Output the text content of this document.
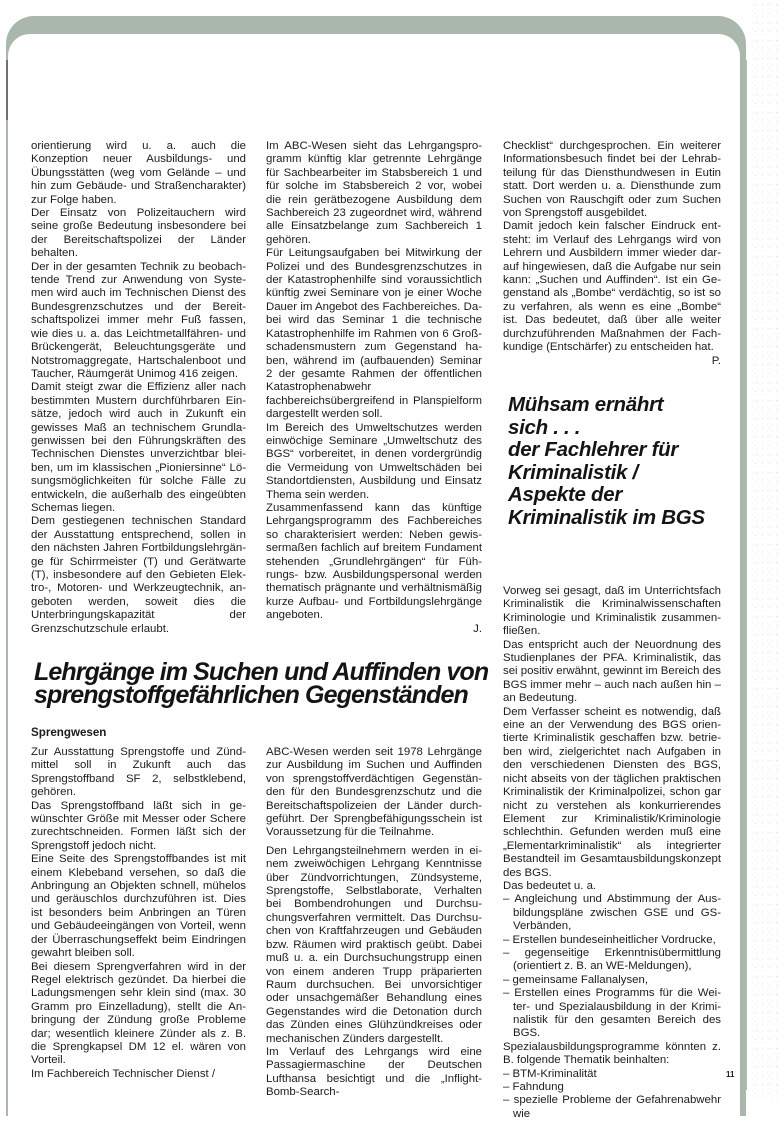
orientierung wird u. a. auch die Konzeption neuer Ausbildungs- und Übungsstätten (weg vom Gelände – und hin zum Gebäude- und Straßencharakter) zur Folge haben.

Der Einsatz von Polizeitauchern wird seine große Bedeutung insbesondere bei der Bereitschaftspolizei der Länder behalten.

Der in der gesamten Technik zu beobachtende Trend zur Anwendung von Systemen wird auch im Technischen Dienst des Bundesgrenzschutzes und der Bereitschaftspolizei immer mehr Fuß fassen, wie dies u. a. das Leichtmetallfähren- und Brückengerät, Beleuchtungsgeräte und Notstromaggregate, Hartschalenboot und Taucher, Räumgerät Unimog 416 zeigen.

Damit steigt zwar die Effizienz aller nach bestimmten Mustern durchführbaren Einsätze, jedoch wird auch in Zukunft ein gewisses Maß an technischem Grundlagenwissen bei den Führungskräften des Technischen Dienstes unverzichtbar bleiben, um im klassischen „Pioniersinne“ Lösungsmöglichkeiten für solche Fälle zu entwickeln, die außerhalb des eingeübten Schemas liegen.

Dem gestiegenen technischen Standard der Ausstattung entsprechend, sollen in den nächsten Jahren Fortbildungslehrgänge für Schirrmeister (T) und Gerätwarte (T), insbesondere auf den Gebieten Elektro-, Motoren- und Werkzeugtechnik, angeboten werden, soweit dies die Unterbringungskapazität der Grenzschutzschule erlaubt.

Im ABC-Wesen sieht das Lehrgangsprogramm künftig klar getrennte Lehrgänge für Sachbearbeiter im Stabsbereich 1 und für solche im Stabsbereich 2 vor, wobei die rein gerätbezogene Ausbildung dem Sachbereich 23 zugeordnet wird, während alle Einsatzbelange zum Sachbereich 1 gehören.

Für Leitungsaufgaben bei Mitwirkung der Polizei und des Bundesgrenzschutzes in der Katastrophenhilfe sind voraussichtlich künftig zwei Seminare von je einer Woche Dauer im Angebot des Fachbereiches. Dabei wird das Seminar 1 die technische Katastrophenhilfe im Rahmen von 6 Großschadensmustern zum Gegenstand haben, während im (aufbauenden) Seminar 2 der gesamte Rahmen der öffentlichen Katastrophenabwehr fachbereichsübergreifend in Planspielform dargestellt werden soll.

Im Bereich des Umweltschutzes werden einwöchige Seminare „Umweltschutz des BGS“ vorbereitet, in denen vordergründig die Vermeidung von Umweltschäden bei Standortdiensten, Ausbildung und Einsatz Thema sein werden.

Zusammenfassend kann das künftige Lehrgangsprogramm des Fachbereiches so charakterisiert werden: Neben gewissermaßen fachlich auf breitem Fundament stehenden „Grundlehrgängen“ für Führungs- bzw. Ausbildungspersonal werden thematisch prägnante und verhältnismäßig kurze Aufbau- und Fortbildungslehrgänge angeboten.

J.

Checklist“ durchgesprochen. Ein weiterer Informationsbesuch findet bei der Lehrabteilung für das Diensthundwesen in Eutin statt. Dort werden u. a. Diensthunde zum Suchen von Rauschgift oder zum Suchen von Sprengstoff ausgebildet.

Damit jedoch kein falscher Eindruck entsteht: im Verlauf des Lehrgangs wird von Lehrern und Ausbildern immer wieder darauf hingewiesen, daß die Aufgabe nur sein kann: „Suchen und Auffinden“. Ist ein Gegenstand als „Bombe“ verdächtig, so ist so zu verfahren, als wenn es eine „Bombe“ ist. Das bedeutet, daß über alle weiter durchzuführenden Maßnahmen der Fachkundige (Entschärfer) zu entscheiden hat.

P.
Mühsam ernährt
sich . . .
der Fachlehrer für
Kriminalistik /
Aspekte der
Kriminalistik im BGS

Vorweg sei gesagt, daß im Unterrichtsfach Kriminalistik die Kriminalwissenschaften Kriminologie und Kriminalistik zusammenfließen.

Das entspricht auch der Neuordnung des Studienplanes der PFA. Kriminalistik, das sei positiv erwähnt, gewinnt im Bereich des BGS immer mehr – auch nach außen hin – an Bedeutung.

Dem Verfasser scheint es notwendig, daß eine an der Verwendung des BGS orientierte Kriminalistik geschaffen bzw. betrieben wird, zielgerichtet nach Aufgaben in den verschiedenen Diensten des BGS, nicht abseits von der täglichen praktischen Kriminalistik der Kriminalpolizei, schon gar nicht zu verstehen als konkurrierendes Element zur Kriminalistik/Kriminologie schlechthin. Gefunden werden muß eine „Elementarkriminalistik“ als integrierter Bestandteil im Gesamtausbildungskonzept des BGS.

Das bedeutet u. a.

– Angleichung und Abstimmung der Ausbildungspläne zwischen GSE und GS-Verbänden,

– Erstellen bundeseinheitlicher Vordrucke,

– gegenseitige Erkenntnisübermittlung (orientiert z. B. an WE-Meldungen),

– gemeinsame Fallanalysen,

– Erstellen eines Programms für die Weiter- und Spezialausbildung in der Kriminalistik für den gesamten Bereich des BGS.

Spezialausbildungsprogramme könnten z. B. folgende Thematik beinhalten:

– BTM-Kriminalität

– Fahndung

– spezielle Probleme der Gefahrenabwehr wie

Lehrgänge im Suchen und Auffinden von
sprengstoffgefährlichen Gegenständen
Sprengwesen

Zur Ausstattung Sprengstoffe und Zündmittel soll in Zukunft auch das Sprengstoffband SF 2, selbstklebend, gehören.

Das Sprengstoffband läßt sich in gewünschter Größe mit Messer oder Schere zurechtschneiden. Formen läßt sich der Sprengstoff jedoch nicht.

Eine Seite des Sprengstoffbandes ist mit einem Klebeband versehen, so daß die Anbringung an Objekten schnell, mühelos und geräuschlos durchzuführen ist. Dies ist besonders beim Anbringen an Türen und Gebäudeeingängen von Vorteil, wenn der Überraschungseffekt beim Eindringen gewahrt bleiben soll.

Bei diesem Sprengverfahren wird in der Regel elektrisch gezündet. Da hierbei die Ladungsmengen sehr klein sind (max. 30 Gramm pro Einzelladung), stellt die Anbringung der Zündung große Probleme dar; wesentlich kleinere Zünder als z. B. die Sprengkapsel DM 12 el. wären von Vorteil.

Im Fachbereich Technischer Dienst /

ABC-Wesen werden seit 1978 Lehrgänge zur Ausbildung im Suchen und Auffinden von sprengstoffverdächtigen Gegenständen für den Bundesgrenzschutz und die Bereitschaftspolizeien der Länder durchgeführt. Der Sprengbefähigungsschein ist Voraussetzung für die Teilnahme.

Den Lehrgangsteilnehmern werden in einem zweiwöchigen Lehrgang Kenntnisse über Zündvorrichtungen, Zündsysteme, Sprengstoffe, Selbstlaborate, Verhalten bei Bombendrohungen und Durchsuchungsverfahren vermittelt. Das Durchsuchen von Kraftfahrzeugen und Gebäuden bzw. Räumen wird praktisch geübt. Dabei muß u. a. ein Durchsuchungstrupp einen von einem anderen Trupp präparierten Raum durchsuchen. Bei unvorsichtiger oder unsachgemäßer Behandlung eines Gegenstandes wird die Detonation durch das Zünden eines Glühzündkreises oder mechanischen Zünders dargestellt.

Im Verlauf des Lehrgangs wird eine Passagiermaschine der Deutschen Lufthansa besichtigt und die „Inflight-Bomb-Search-

11
